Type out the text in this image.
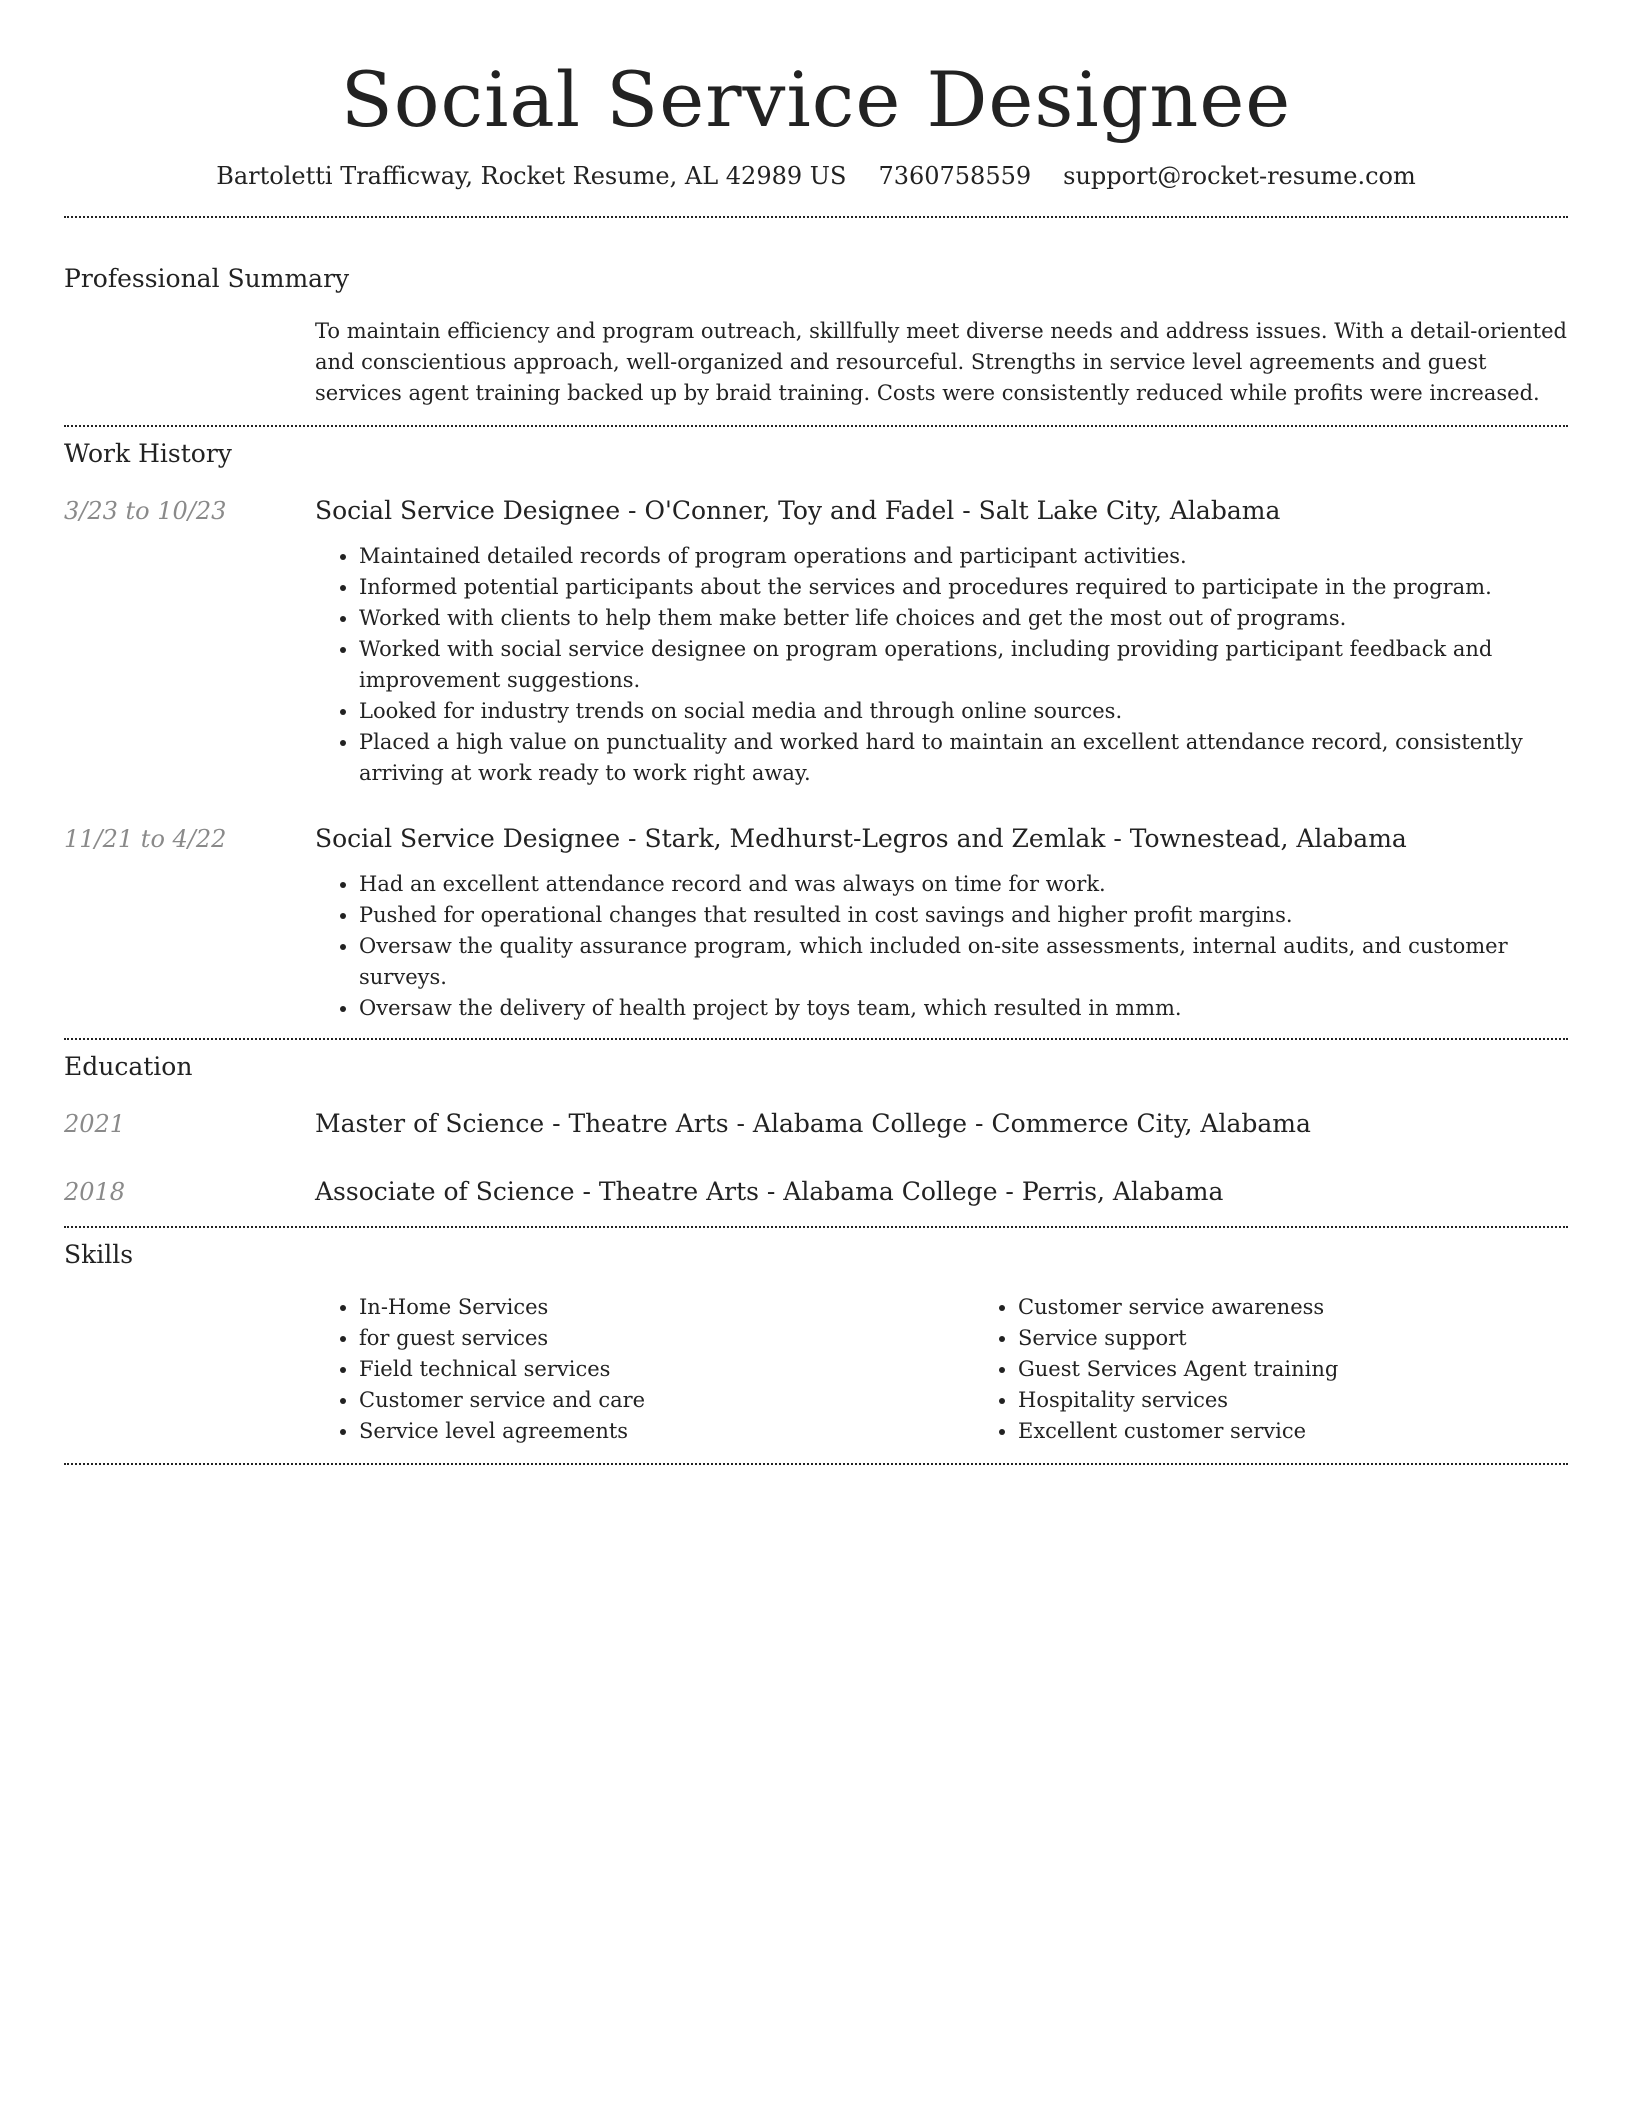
Social Service Designee
Bartoletti Trafficway, Rocket Resume, AL 42989 US 7360758559 support@rocket-resume.com
Professional Summary

To maintain efficiency and program outreach, skillfully meet diverse needs and address issues. With a detail-oriented and conscientious approach, well-organized and resourceful. Strengths in service level agreements and guest services agent training backed up by braid training. Costs were consistently reduced while profits were increased.

Work History
3/23 to 10/23	Social Service Designee - O'Conner, Toy and Fadel - Salt Lake City, Alabama
• Maintained detailed records of program operations and participant activities.
• Informed potential participants about the services and procedures required to participate in the program.
• Worked with clients to help them make better life choices and get the most out of programs.
• Worked with social service designee on program operations, including providing participant feedback and improvement suggestions.
• Looked for industry trends on social media and through online sources.
• Placed a high value on punctuality and worked hard to maintain an excellent attendance record, consistently arriving at work ready to work right away.
11/21 to 4/22	Social Service Designee - Stark, Medhurst-Legros and Zemlak - Townestead, Alabama
• Had an excellent attendance record and was always on time for work.
• Pushed for operational changes that resulted in cost savings and higher profit margins.
• Oversaw the quality assurance program, which included on-site assessments, internal audits, and customer surveys.
• Oversaw the delivery of health project by toys team, which resulted in mmm.
Education
2021	Master of Science - Theatre Arts - Alabama College - Commerce City, Alabama
2018	Associate of Science - Theatre Arts - Alabama College - Perris, Alabama
Skills
• In-Home Services
• for guest services
• Field technical services
• Customer service and care
• Service level agreements
• Customer service awareness
• Service support
• Guest Services Agent training
• Hospitality services
• Excellent customer service
